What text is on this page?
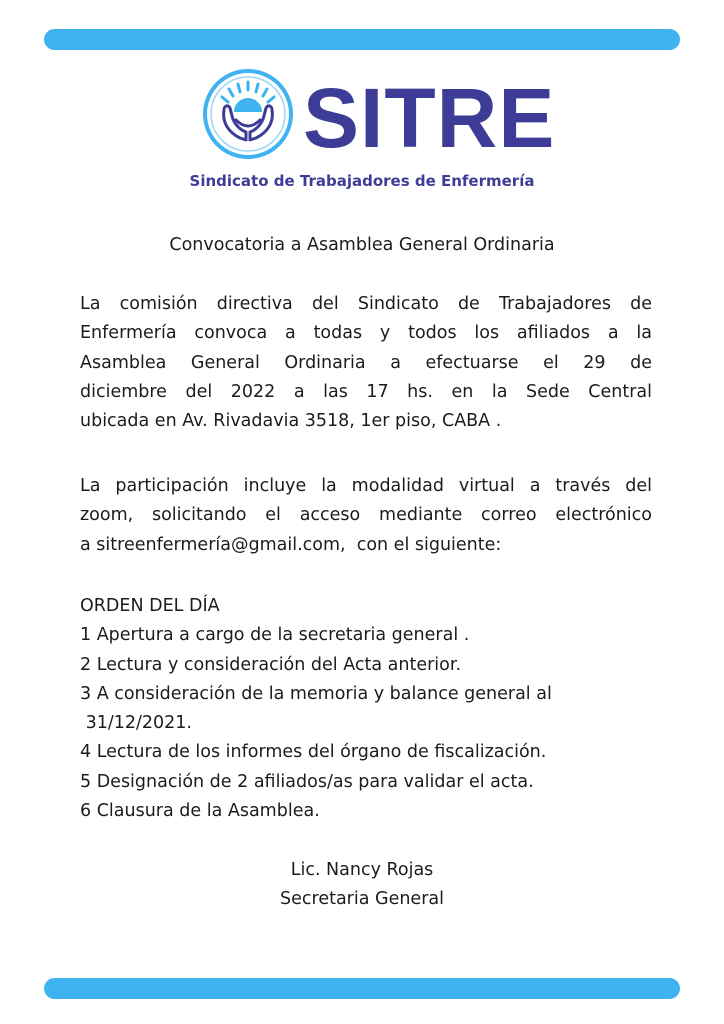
SITRE
Sindicato de Trabajadores de Enfermería
Convocatoria a Asamblea General Ordinaria
La comisión directiva del Sindicato de Trabajadores de
Enfermería convoca a todas y todos los afiliados a la
Asamblea General Ordinaria a efectuarse el 29 de
diciembre del 2022 a las 17 hs. en la Sede Central
ubicada en Av. Rivadavia 3518, 1er piso, CABA .
La participación incluye la modalidad virtual a través del
zoom, solicitando el acceso mediante correo electrónico
a sitreenfermería@gmail.com,  con el siguiente:
ORDEN DEL DÍA
1 Apertura a cargo de la secretaria general .
2 Lectura y consideración del Acta anterior.
3 A consideración de la memoria y balance general al
31/12/2021.
4 Lectura de los informes del órgano de fiscalización.
5 Designación de 2 afiliados/as para validar el acta.
6 Clausura de la Asamblea.
Lic. Nancy Rojas
Secretaria General
